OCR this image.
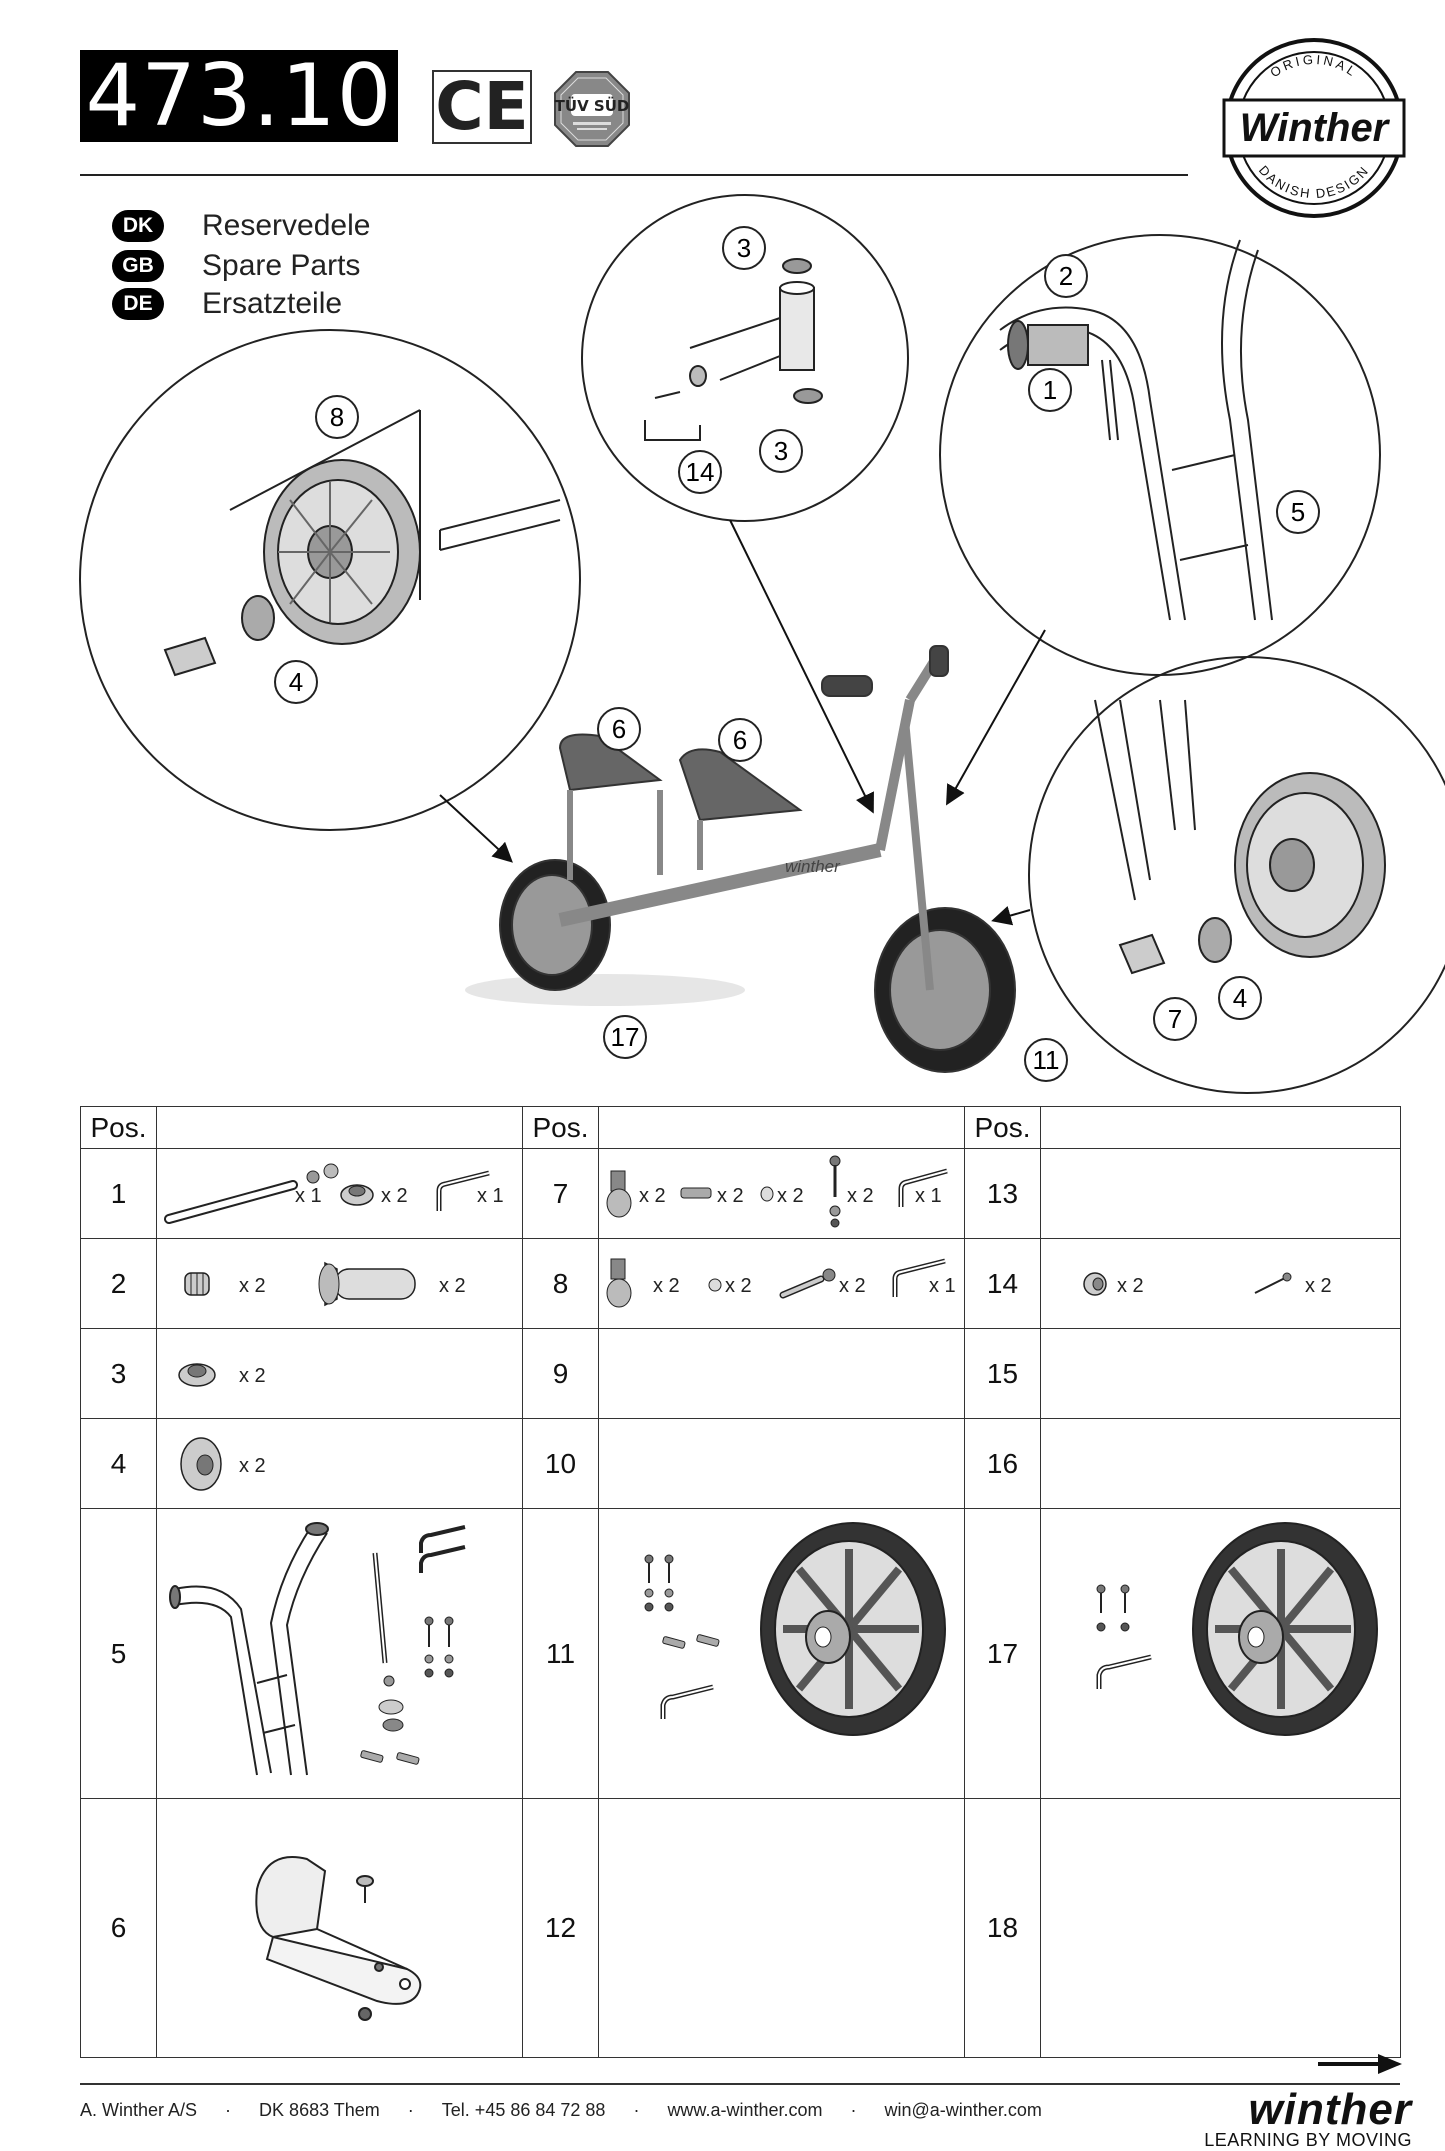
473.10 CE TÜV SÜD
ORIGINAL
DANISH DESIGN
Winther
DK	Reservedele
GB	Spare Parts
DE	Ersatzteile
winther
8
4
3
3
14
2
1
5
6	6
7
4
17
11
Pos.		Pos.		Pos.	
1	x 1 x 2 x 1	7	x 2 x 2 x 2 x 2 x 1	13	

2	x 2 x 2	8	x 2 x 2 x 2 x 1	14	x 2 x 2

3	x 2	9		15	

4	x 2	10		16	

5		11		17	

6		12		18	
A. Winther A/S · DK 8683 Them · Tel. +45 86 84 72 88 · www.a-winther.com · win@a-winther.com	winther
LEARNING BY MOVING
